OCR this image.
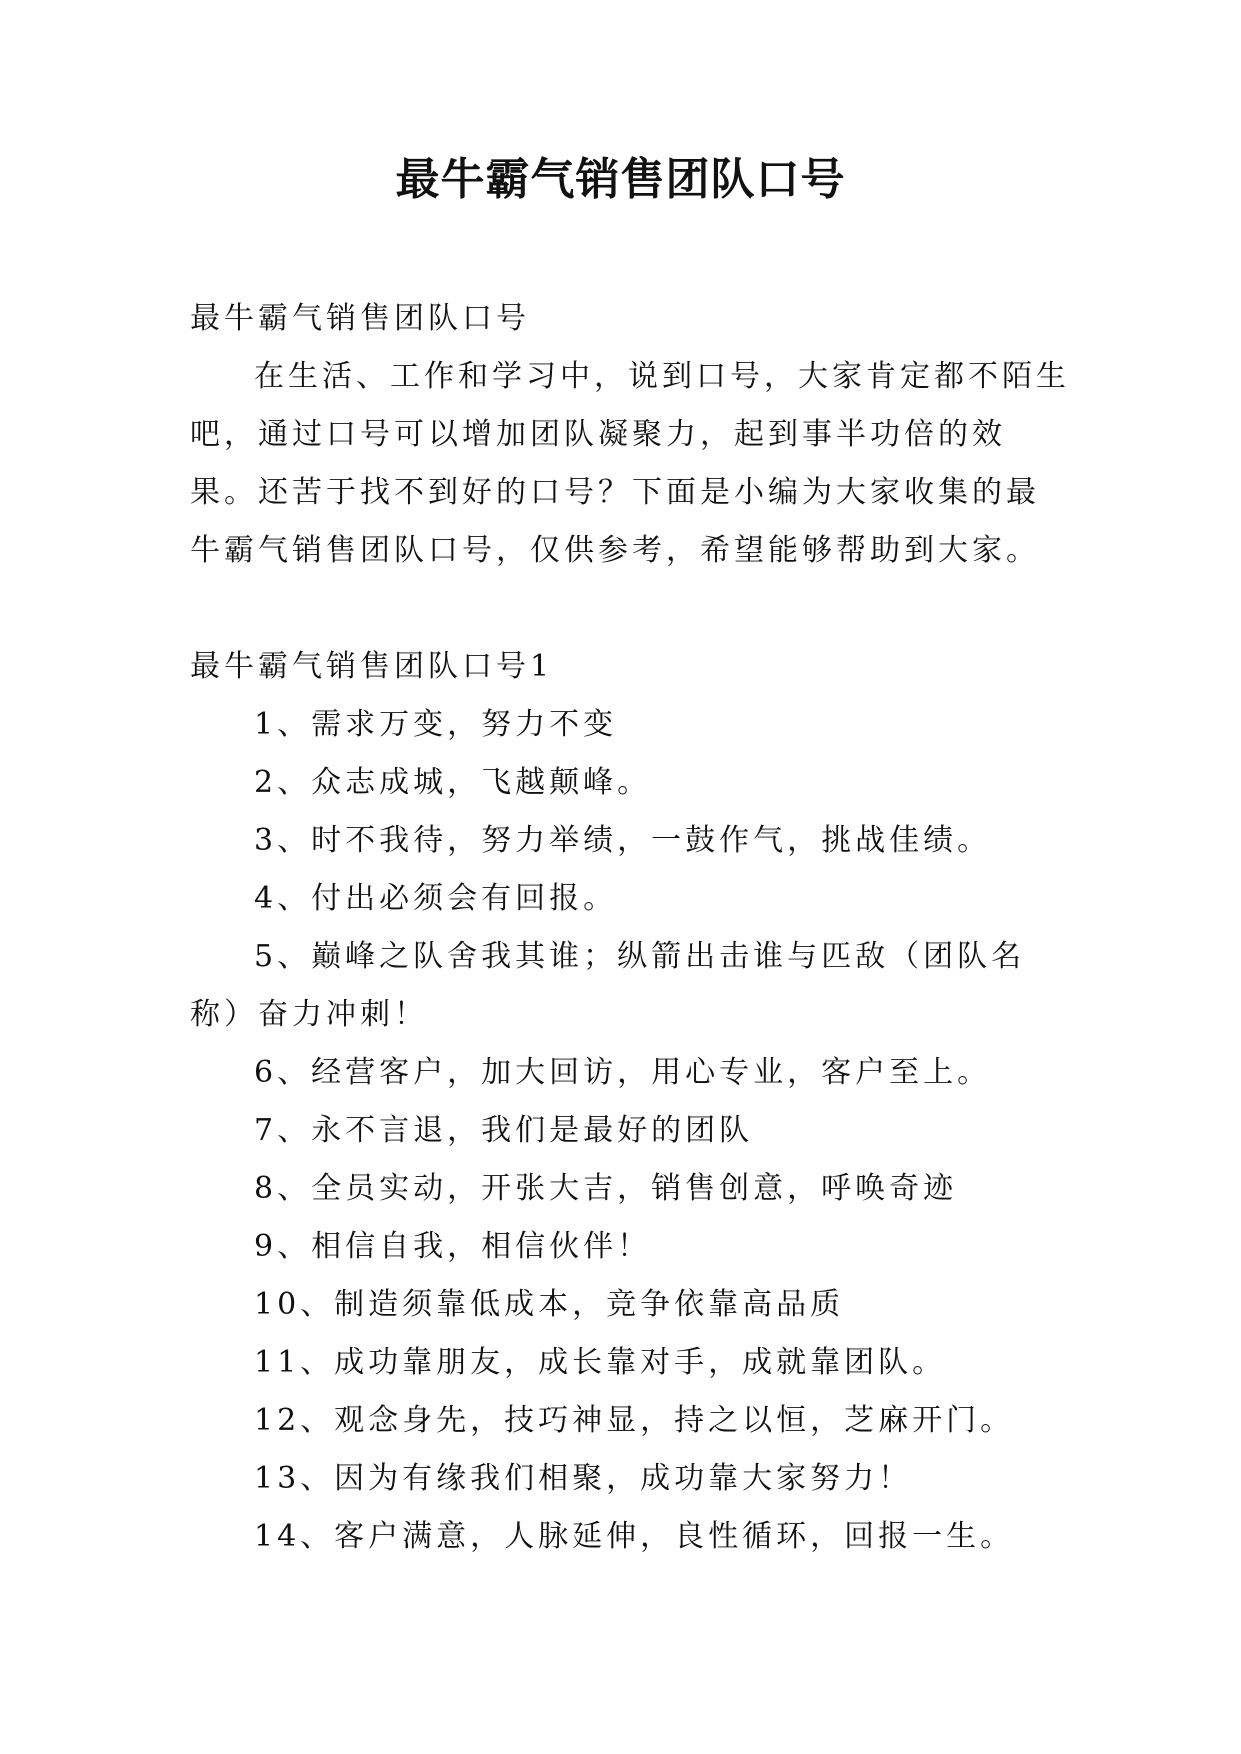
最牛霸气销售团队口号

最牛霸气销售团队口号

在生活、工作和学习中，说到口号，大家肯定都不陌生吧，通过口号可以增加团队凝聚力，起到事半功倍的效果。还苦于找不到好的口号？下面是小编为大家收集的最牛霸气销售团队口号，仅供参考，希望能够帮助到大家。

最牛霸气销售团队口号1

1、需求万变，努力不变

2、众志成城，飞越颠峰。

3、时不我待，努力举绩，一鼓作气，挑战佳绩。

4、付出必须会有回报。

5、巅峰之队舍我其谁；纵箭出击谁与匹敌（团队名称）奋力冲刺！

6、经营客户，加大回访，用心专业，客户至上。

7、永不言退，我们是最好的团队

8、全员实动，开张大吉，销售创意，呼唤奇迹

9、相信自我，相信伙伴！

10、制造须靠低成本，竞争依靠高品质

11、成功靠朋友，成长靠对手，成就靠团队。

12、观念身先，技巧神显，持之以恒，芝麻开门。

13、因为有缘我们相聚，成功靠大家努力！

14、客户满意，人脉延伸，良性循环，回报一生。
